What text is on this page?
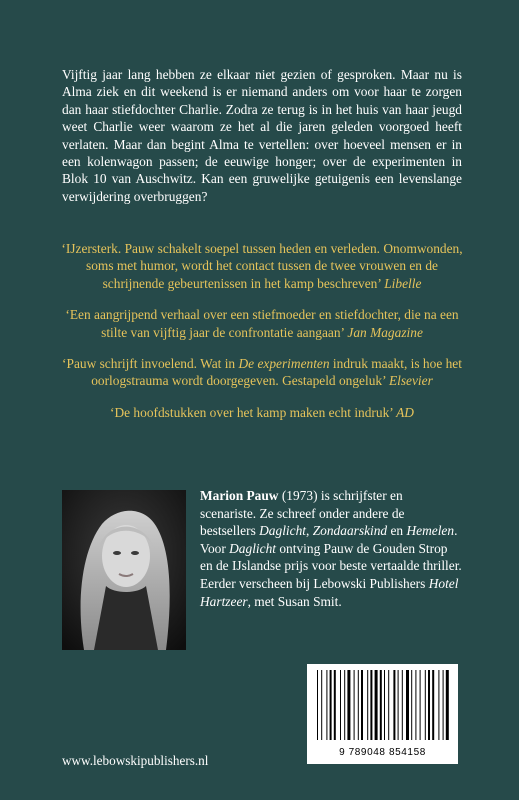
Vijftig jaar lang hebben ze elkaar niet gezien of gesproken. Maar nu is Alma ziek en dit weekend is er niemand anders om voor haar te zorgen dan haar stiefdochter Charlie. Zodra ze terug is in het huis van haar jeugd weet Charlie weer waarom ze het al die jaren geleden voorgoed heeft verlaten. Maar dan begint Alma te vertellen: over hoeveel mensen er in een kolenwagon passen; de eeuwige honger; over de experimenten in Blok 10 van Auschwitz. Kan een gruwelijke getuigenis een levenslange verwijdering overbruggen?

‘IJzersterk. Pauw schakelt soepel tussen heden en verleden. Onomwonden, soms met humor, wordt het contact tussen de twee vrouwen en de schrijnende gebeurtenissen in het kamp beschreven’ Libelle

‘Een aangrijpend verhaal over een stiefmoeder en stiefdochter, die na een stilte van vijftig jaar de confrontatie aangaan’ Jan Magazine

‘Pauw schrijft invoelend. Wat in De experimenten indruk maakt, is hoe het oorlogstrauma wordt doorgegeven. Gestapeld ongeluk’ Elsevier

‘De hoofdstukken over het kamp maken echt indruk’ AD

Marion Pauw (1973) is schrijfster en scenariste. Ze schreef onder andere de bestsellers Daglicht, Zondaarskind en Hemelen. Voor Daglicht ontving Pauw de Gouden Strop en de IJslandse prijs voor beste vertaalde thriller. Eerder verscheen bij Lebowski Publishers Hotel Hartzeer, met Susan Smit.

9 789048 854158
www.lebowskipublishers.nl
